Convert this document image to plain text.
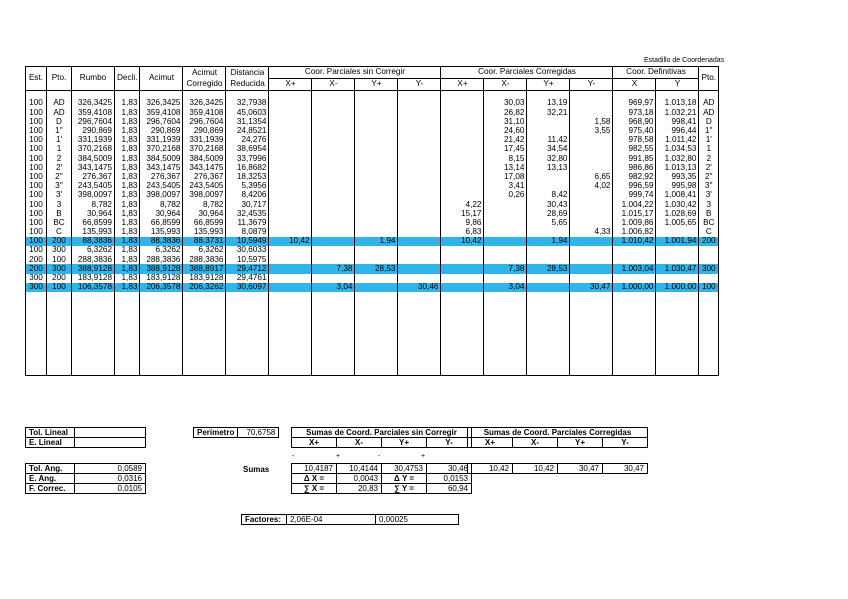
Estadillo de Coordenadas
Est.	Pto.	Rumbo	Decli.	Acimut	Acimut	Distancia	Coor. Parciales sin Corregir				Coor. Parciales Corregidas				Coor. Definitivas		Pto.
					Corregido	Reducida	X+	X-	Y+	Y-	X+	X-	Y+	Y-	X	Y	

100	AD	326,3425	1,83	326,3425	326,3425	32,7938						30,03	13,19		969,97	1.013,18	AD
100	AD	359,4108	1,83	359,4108	359,4108	45,0603						26,82	32,21		973,18	1.032,21	AD
100	D	296,7604	1,83	296,7604	296,7604	31,1354						31,10		1,58	968,90	998,41	D
100	1''	290,869	1,83	290,869	290,869	24,8521						24,60		3,55	975,40	996,44	1''
100	1'	331,1939	1,83	331,1939	331,1939	24,276						21,42	11,42		978,58	1.011,42	1'
100	1	370,2168	1,83	370,2168	370,2168	38,6954						17,45	34,54		982,55	1.034,53	1
100	2	384,5009	1,83	384,5009	384,5009	33,7996						8,15	32,80		991,85	1.032,80	2
100	2'	343,1475	1,83	343,1475	343,1475	16,8682						13,14	13,13		986,86	1.013,13	2'
100	2''	276,367	1,83	276,367	276,367	18,3253						17,08		6,65	982,92	993,35	2''
100	3''	243,5405	1,83	243,5405	243,5405	5,3956						3,41		4,02	996,59	995,98	3''
100	3'	398,0097	1,83	398,0097	398,0097	8,4206						0,26	8,42		999,74	1.008,41	3'
100	3	8,782	1,83	8,782	8,782	30,717					4,22		30,43		1.004,22	1.030,42	3
100	B	30,964	1,83	30,964	30,964	32,4535					15,17		28,69		1.015,17	1.028,69	B
100	BC	66,8599	1,83	66,8599	66,8599	11,3679					9,86		5,65		1.009,86	1.005,65	BC
100	C	135,993	1,83	135,993	135,993	8,0879					6,83			4,33	1.006,82		C
100	200	88,3836	1,83	88,3836	88,3731	10,5949	10,42		1,94		10,42		1,94		1.010,42	1.001,94	200
100	300	6,3262	1,83	6,3262	6,3262	30,6033											
200	100	288,3836	1,83	288,3836	288,3836	10,5975											
200	300	388,9128	1,83	388,9128	388,8917	29,4712		7,38	28,53			7,38	28,53		1.003,04	1.030,47	300
300	200	183,9128	1,83	183,9128	183,9128	29,4761											
300	100	106,3578	1,83	206,3578	206,3262	30,6097		3,04		30,46		3,04		30,47	1.000,00	1.000,00	100

Tol. Lineal	
E. Lineal	
Tol. Ang.	0,0589
E. Ang.	0,0316
F. Correc.	0,0105
Perimetro	70,6758	Sumas de Coord. Parciales sin Corregir
X+	X-	Y+	Y-
-	+	-	+
Sumas	10,4187	10,4144	30,4753	30,46
Δ X =	0,0043	Δ Y =	0,0153
∑ X =	20,83	∑ Y =	60,94
Sumas de Coord. Parciales Corregidas
X+	X-	Y+	Y-
10,42	10,42	30,47	30,47
Factores:	2,06E-04	0,00025
